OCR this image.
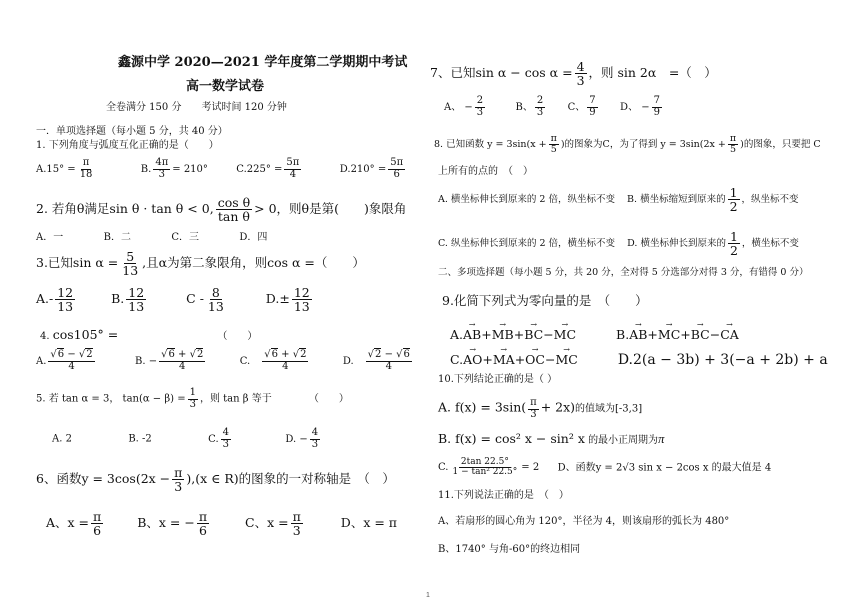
鑫源中学 2020—2021 学年度第二学期期中考试
高一数学试卷
全卷满分 150 分　　考试时间 120 分钟
一．单项选择题（每小题 5 分，共 40 分）
1. 下列角度与弧度互化正确的是（　　）
$A.15^\circ = \frac{\pi}{18}$	B. $\frac{4\pi}{3} = 210^\circ$	$C.225^\circ = \frac{5\pi}{4}$	$D.210^\circ = \frac{5\pi}{6}$
2. 若角θ满足sin θ · tan θ < 0, $\frac{\text{cos θ}}{\text{tan θ}} > 0$，则θ是第(　　)象限角
A．一	B．二	C．三	D．四
3.已知$\sin \alpha = \frac{5}{13}$ ,且α为第二象限角，则cos α =（　　）
$A.- \frac{12}{13}$	B. $\frac{12}{13}$	C - $\frac{8}{13}$	$D.\pm \frac{12}{13}$
4. cos105° =	（　　）
A. $\frac{√6 - √2}{4}$	B. − $\frac{√6 + √2}{4}$	C. $\frac{√6 + √2}{4}$	D. $\frac{√2 - √6}{4}$
5. 若 tan α = 3， $\tan(\alpha - \beta) = \frac{1}{3}$ ，则 tan β 等于	（　　）
A. 2	B. -2	C. $\frac{4}{3}$	D. − $\frac{4}{3}$
6、函数$y = 3\cos(2x - \frac{\pi}{3} ),(x$ ∈ R)的图象的一对称轴是　（　）
A、$x = \frac{\pi}{6}$	B、x = − $\frac{\pi}{6}$	C、$x = \frac{\pi}{3}$	D、x = π
7、已知$\sin \alpha - \cos \alpha = \frac{4}{3}$ ，则 sin 2α　=（　）
A、 − $\frac{2}{3}$	B、 $\frac{2}{3}$ C、 $\frac{7}{9}$ D、 − $\frac{7}{9}$
8. 已知函数 $y = 3\sin(x + \frac{\pi}{5}$ )的图象为C，为了得到 $y = 3\sin(2x + \frac{\pi}{5}$ )的图象，只要把 C
上所有的点的　（　）
A. 横坐标伸长到原来的 2 倍，纵坐标不变 B. 横坐标缩短到原来的 $\frac{1}{2}$ ，纵坐标不变
C. 纵坐标伸长到原来的 2 倍，横坐标不变 D. 横坐标伸长到原来的 $\frac{1}{2}$ ，横坐标不变
二、多项选择题（每小题 5 分，共 20 分，全对得 5 分选部分对得 3 分，有错得 0 分）
9.化简下列式为零向量的是　（　　）
A.→ AB+→ MB+→ BC−→ MC	B.→ AB+→ MC+→ BC−→ CA
C.→ AO+→ MA+→ OC−→ MC	D.2(a − 3b) + 3(−a + 2b) + a
10.下列结论正确的是（ ）
A. $f(x) = 3\sin( \frac{\pi}{3} + 2x)$的值域为[-3,3]
B. f(x) = cos² x − sin² x 的最小正周期为π
C. $\frac{2\tan 22.5^\circ}{\text{1 − tan² 22.5°}} = 2$ D、函数y = 2√3 sin x − 2cos x 的最大值是 4
11.下列说法正确的是　（　）
A、若扇形的圆心角为 120°，半径为 4，则该扇形的弧长为 480°
B、1740° 与角-60°的终边相同
1
